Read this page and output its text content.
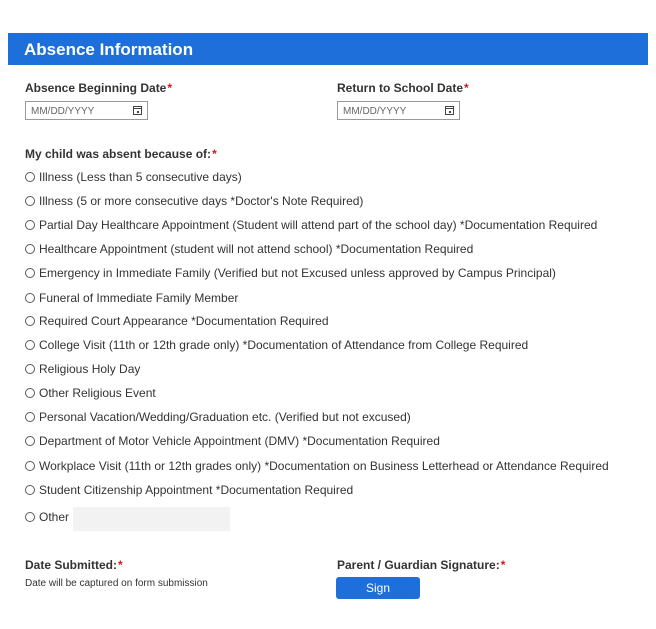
Absence Information
Absence Beginning Date*
MM/DD/YYYY
Return to School Date*
MM/DD/YYYY
My child was absent because of:*
Illness (Less than 5 consecutive days)
Illness (5 or more consecutive days *Doctor's Note Required)
Partial Day Healthcare Appointment (Student will attend part of the school day) *Documentation Required
Healthcare Appointment (student will not attend school) *Documentation Required
Emergency in Immediate Family (Verified but not Excused unless approved by Campus Principal)
Funeral of Immediate Family Member
Required Court Appearance *Documentation Required
College Visit (11th or 12th grade only) *Documentation of Attendance from College Required
Religious Holy Day
Other Religious Event
Personal Vacation/Wedding/Graduation etc. (Verified but not excused)
Department of Motor Vehicle Appointment (DMV) *Documentation Required
Workplace Visit (11th or 12th grades only) *Documentation on Business Letterhead or Attendance Required
Student Citizenship Appointment *Documentation Required
Other
Date Submitted:*
Date will be captured on form submission
Parent / Guardian Signature:*
Sign
